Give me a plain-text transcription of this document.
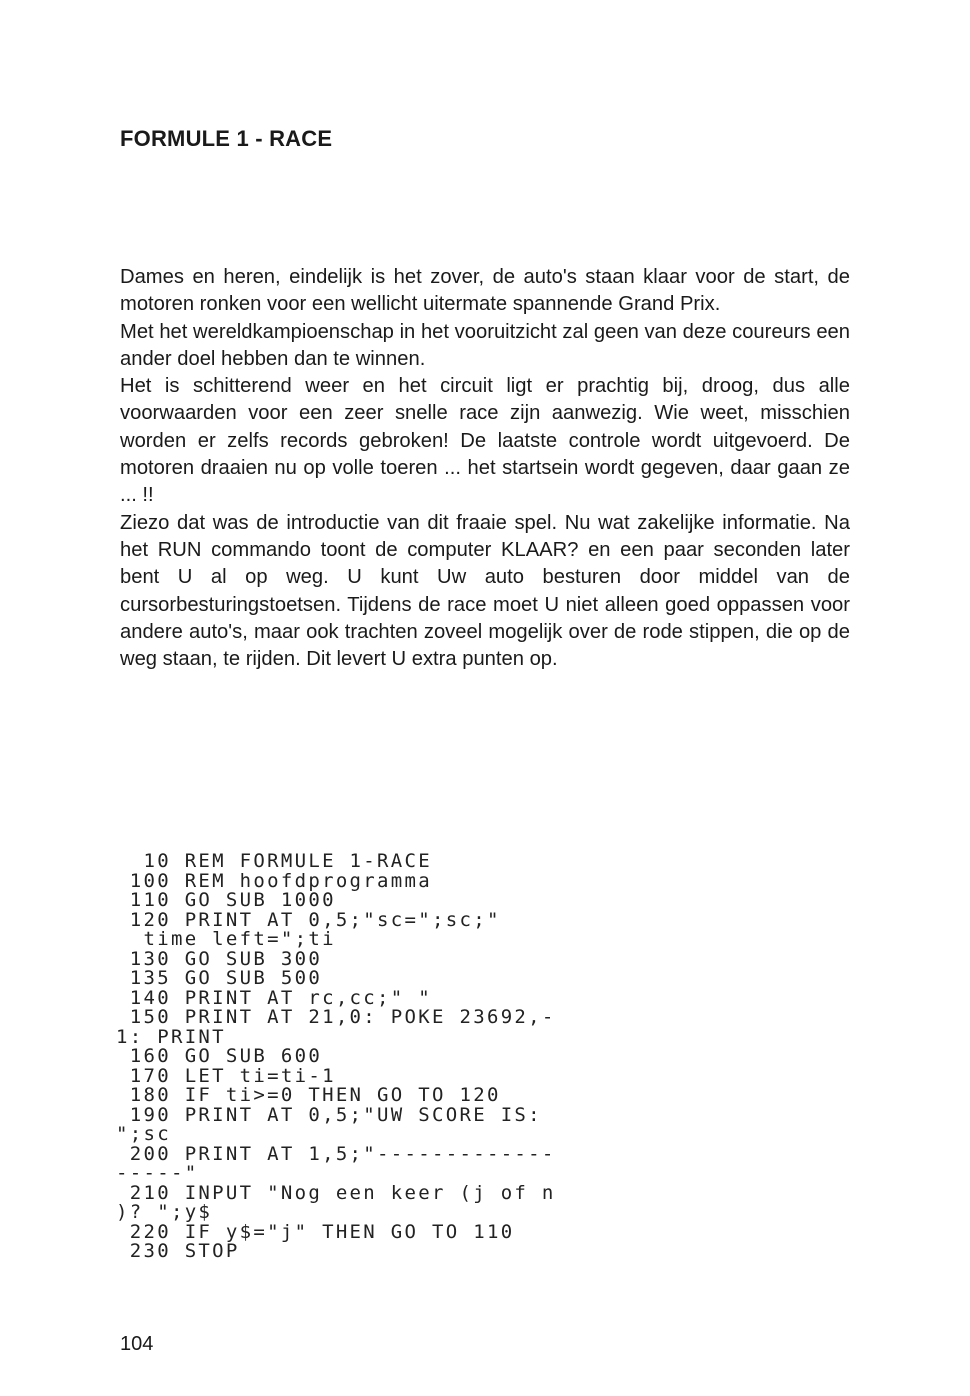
FORMULE 1 - RACE

Dames en heren, eindelijk is het zover, de auto's staan klaar voor de start, de motoren ronken voor een wellicht uitermate spannende Grand Prix.

Met het wereldkampioenschap in het vooruitzicht zal geen van deze coureurs een ander doel hebben dan te winnen.

Het is schitterend weer en het circuit ligt er prachtig bij, droog, dus alle voorwaarden voor een zeer snelle race zijn aanwezig. Wie weet, misschien worden er zelfs records gebroken! De laatste controle wordt uitgevoerd. De motoren draaien nu op volle toeren ... het startsein wordt gegeven, daar gaan ze ... !!

Ziezo dat was de introductie van dit fraaie spel. Nu wat zakelijke informatie. Na het RUN commando toont de computer KLAAR? en een paar seconden later bent U al op weg. U kunt Uw auto besturen door middel van de cursorbesturingstoetsen. Tijdens de race moet U niet alleen goed oppassen voor andere auto's, maar ook trachten zoveel mogelijk over de rode stippen, die op de weg staan, te rijden. Dit levert U extra punten op.

10 REM FORMULE 1-RACE
100 REM hoofdprogramma
110 GO SUB 1000
120 PRINT AT 0,5;"sc=";sc;"
time left=";ti
130 GO SUB 300
135 GO SUB 500
140 PRINT AT rc,cc;" "
150 PRINT AT 21,0: POKE 23692,-
1: PRINT
160 GO SUB 600
170 LET ti=ti-1
180 IF ti>=0 THEN GO TO 120
190 PRINT AT 0,5;"UW SCORE IS:
";sc
200 PRINT AT 1,5;"-------------
-----"
210 INPUT "Nog een keer (j of n
)? ";y$
220 IF y$="j" THEN GO TO 110
230 STOP
104
